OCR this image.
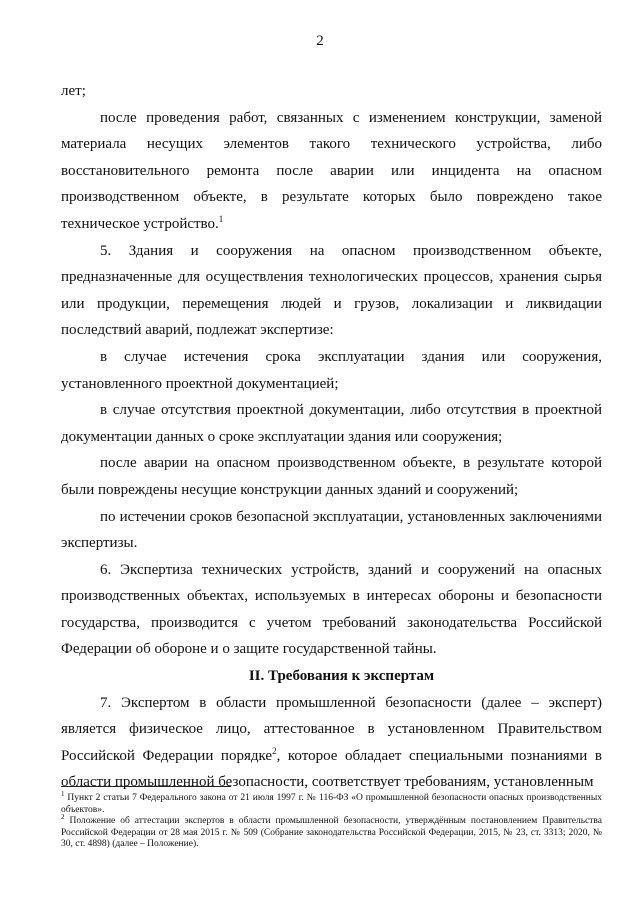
2

лет;

после проведения работ, связанных с изменением конструкции, заменой материала несущих элементов такого технического устройства, либо восстановительного ремонта после аварии или инцидента на опасном производственном объекте, в результате которых было повреждено такое техническое устройство.$^1$

5. Здания и сооружения на опасном производственном объекте, предназначенные для осуществления технологических процессов, хранения сырья или продукции, перемещения людей и грузов, локализации и ликвидации последствий аварий, подлежат экспертизе:

в случае истечения срока эксплуатации здания или сооружения, установленного проектной документацией;

в случае отсутствия проектной документации, либо отсутствия в проектной документации данных о сроке эксплуатации здания или сооружения;

после аварии на опасном производственном объекте, в результате которой были повреждены несущие конструкции данных зданий и сооружений;

по истечении сроков безопасной эксплуатации, установленных заключениями экспертизы.

6. Экспертиза технических устройств, зданий и сооружений на опасных производственных объектах, используемых в интересах обороны и безопасности государства, производится с учетом требований законодательства Российской Федерации об обороне и о защите государственной тайны.

II. Требования к экспертам

7. Экспертом в области промышленной безопасности (далее – эксперт) является физическое лицо, аттестованное в установленном Правительством Российской Федерации порядке$^2$, которое обладает специальными познаниями в области промышленной безопасности, соответствует требованиям, установленным

$^1$ Пункт 2 статьи 7 Федерального закона от 21 июля 1997 г. № 116-ФЗ «О промышленной безопасности опасных производственных объектов».

$^2$ Положение об аттестации экспертов в области промышленной безопасности, утверждённым постановлением Правительства Российской Федерации от 28 мая 2015 г. № 509 (Собрание законодательства Российской Федерации, 2015, № 23, ст. 3313; 2020, № 30, ст. 4898) (далее – Положение).
